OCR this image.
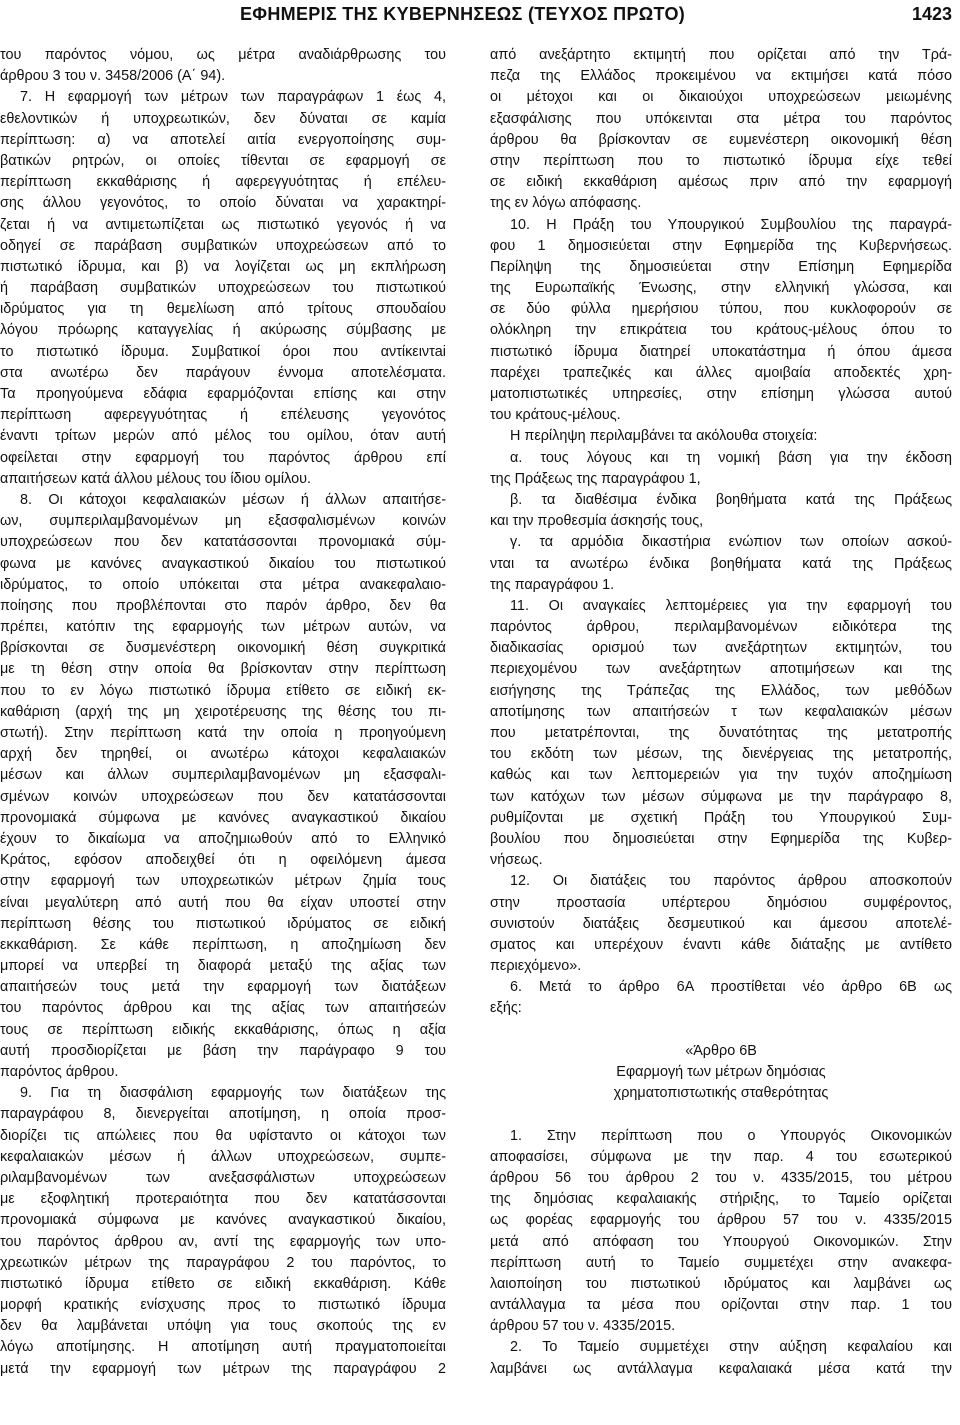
ΕΦΗΜΕΡΙΣ ΤΗΣ ΚΥΒΕΡΝΗΣΕΩΣ (ΤΕΥΧΟΣ ΠΡΩΤΟ)	1423
του παρόντος νόμου, ως μέτρα αναδιάρθρωσης του
άρθρου 3 του ν. 3458/2006 (Α΄ 94).
7. Η εφαρμογή των μέτρων των παραγράφων 1 έως 4,
εθελοντικών ή υποχρεωτικών, δεν δύναται σε καμία
περίπτωση: α) να αποτελεί αιτία ενεργοποίησης συμ-
βατικών ρητρών, οι οποίες τίθενται σε εφαρμογή σε
περίπτωση εκκαθάρισης ή αφερεγγυότητας ή επέλευ-
σης άλλου γεγονότος, το οποίο δύναται να χαρακτηρί-
ζεται ή να αντιμετωπίζεται ως πιστωτικό γεγονός ή να
οδηγεί σε παράβαση συμβατικών υποχρεώσεων από το
πιστωτικό ίδρυμα, και β) να λογίζεται ως μη εκπλήρωση
ή παράβαση συμβατικών υποχρεώσεων του πιστωτικού
ιδρύματος για τη θεμελίωση από τρίτους σπουδαίου
λόγου πρόωρης καταγγελίας ή ακύρωσης σύμβασης με
το πιστωτικό ίδρυμα. Συμβατικοί όροι που αντίκειντai
στα ανωτέρω δεν παράγουν έννομα αποτελέσματα.
Τα προηγούμενα εδάφια εφαρμόζονται επίσης και στην
περίπτωση αφερεγγυότητας ή επέλευσης γεγονότος
έναντι τρίτων μερών από μέλος του ομίλου, όταν αυτή
οφείλεται στην εφαρμογή του παρόντος άρθρου επί
απαιτήσεων κατά άλλου μέλους του ίδιου ομίλου.
8. Οι κάτοχοι κεφαλαιακών μέσων ή άλλων απαιτήσε-
ων, συμπεριλαμβανομένων μη εξασφαλισμένων κοινών
υποχρεώσεων που δεν κατατάσσονται προνομιακά σύμ-
φωνα με κανόνες αναγκαστικού δικαίου του πιστωτικού
ιδρύματος, το οποίο υπόκειται στα μέτρα ανακεφαλαιο-
ποίησης που προβλέπονται στο παρόν άρθρο, δεν θα
πρέπει, κατόπιν της εφαρμογής των μέτρων αυτών, να
βρίσκονται σε δυσμενέστερη οικονομική θέση συγκριτικά
με τη θέση στην οποία θα βρίσκονταν στην περίπτωση
που το εν λόγω πιστωτικό ίδρυμα ετίθετο σε ειδική εκ-
καθάριση (αρχή της μη χειροτέρευσης της θέσης του πι-
στωτή). Στην περίπτωση κατά την οποία η προηγούμενη
αρχή δεν τηρηθεί, οι ανωτέρω κάτοχοι κεφαλαιακών
μέσων και άλλων συμπεριλαμβανομένων μη εξασφαλι-
σμένων κοινών υποχρεώσεων που δεν κατατάσσονται
προνομιακά σύμφωνα με κανόνες αναγκαστικού δικαίου
έχουν το δικαίωμα να αποζημιωθούν από το Ελληνικό
Κράτος, εφόσον αποδειχθεί ότι η οφειλόμενη άμεσα
στην εφαρμογή των υποχρεωτικών μέτρων ζημία τους
είναι μεγαλύτερη από αυτή που θα είχαν υποστεί στην
περίπτωση θέσης του πιστωτικού ιδρύματος σε ειδική
εκκαθάριση. Σε κάθε περίπτωση, η αποζημίωση δεν
μπορεί να υπερβεί τη διαφορά μεταξύ της αξίας των
απαιτήσεών τους μετά την εφαρμογή των διατάξεων
του παρόντος άρθρου και της αξίας των απαιτήσεών
τους σε περίπτωση ειδικής εκκαθάρισης, όπως η αξία
αυτή προσδιορίζεται με βάση την παράγραφο 9 του
παρόντος άρθρου.
9. Για τη διασφάλιση εφαρμογής των διατάξεων της
παραγράφου 8, διενεργείται αποτίμηση, η οποία προσ-
διορίζει τις απώλειες που θα υφίσταντο οι κάτοχοι των
κεφαλαιακών μέσων ή άλλων υποχρεώσεων, συμπε-
ριλαμβανομένων των ανεξασφάλιστων υποχρεώσεων
με εξοφλητική προτεραιότητα που δεν κατατάσσονται
προνομιακά σύμφωνα με κανόνες αναγκαστικού δικαίου,
του παρόντος άρθρου αν, αντί της εφαρμογής των υπο-
χρεωτικών μέτρων της παραγράφου 2 του παρόντος, το
πιστωτικό ίδρυμα ετίθετο σε ειδική εκκαθάριση. Κάθε
μορφή κρατικής ενίσχυσης προς το πιστωτικό ίδρυμα
δεν θα λαμβάνεται υπόψη για τους σκοπούς της εν
λόγω αποτίμησης. Η αποτίμηση αυτή πραγματοποιείται
μετά την εφαρμογή των μέτρων της παραγράφου 2
από ανεξάρτητο εκτιμητή που ορίζεται από την Τρά-
πεζα της Ελλάδος προκειμένου να εκτιμήσει κατά πόσο
οι μέτοχοι και οι δικαιούχοι υποχρεώσεων μειωμένης
εξασφάλισης που υπόκεινται στα μέτρα του παρόντος
άρθρου θα βρίσκονταν σε ευμενέστερη οικονομική θέση
στην περίπτωση που το πιστωτικό ίδρυμα είχε τεθεί
σε ειδική εκκαθάριση αμέσως πριν από την εφαρμογή
της εν λόγω απόφασης.
10. Η Πράξη του Υπουργικού Συμβουλίου της παραγρά-
φου 1 δημοσιεύεται στην Εφημερίδα της Κυβερνήσεως.
Περίληψη της δημοσιεύεται στην Επίσημη Εφημερίδα
της Ευρωπαϊκής Ένωσης, στην ελληνική γλώσσα, και
σε δύο φύλλα ημερήσιου τύπου, που κυκλοφορούν σε
ολόκληρη την επικράτεια του κράτους-μέλους όπου το
πιστωτικό ίδρυμα διατηρεί υποκατάστημα ή όπου άμεσα
παρέχει τραπεζικές και άλλες αμοιβαία αποδεκτές χρη-
ματοπιστωτικές υπηρεσίες, στην επίσημη γλώσσα αυτού
του κράτους-μέλους.
Η περίληψη περιλαμβάνει τα ακόλουθα στοιχεία:
α. τους λόγους και τη νομική βάση για την έκδοση
της Πράξεως της παραγράφου 1,
β. τα διαθέσιμα ένδικα βοηθήματα κατά της Πράξεως
και την προθεσμία άσκησής τους,
γ. τα αρμόδια δικαστήρια ενώπιον των οποίων ασκού-
νται τα ανωτέρω ένδικα βοηθήματα κατά της Πράξεως
της παραγράφου 1.
11. Οι αναγκαίες λεπτομέρειες για την εφαρμογή του
παρόντος άρθρου, περιλαμβανομένων ειδικότερα της
διαδικασίας ορισμού των ανεξάρτητων εκτιμητών, του
περιεχομένου των ανεξάρτητων αποτιμήσεων και της
εισήγησης της Τράπεζας της Ελλάδος, των μεθόδων
αποτίμησης των απαιτήσεών τ των κεφαλαιακών μέσων
που μετατρέπονται, της δυνατότητας της μετατροπής
του εκδότη των μέσων, της διενέργειας της μετατροπής,
καθώς και των λεπτομερειών για την τυχόν αποζημίωση
των κατόχων των μέσων σύμφωνα με την παράγραφο 8,
ρυθμίζονται με σχετική Πράξη του Υπουργικού Συμ-
βουλίου που δημοσιεύεται στην Εφημερίδα της Κυβερ-
νήσεως.
12. Οι διατάξεις του παρόντος άρθρου αποσκοπούν
στην προστασία υπέρτερου δημόσιου συμφέροντος,
συνιστούν διατάξεις δεσμευτικού και άμεσου αποτελέ-
σματος και υπερέχουν έναντι κάθε διάταξης με αντίθετο
περιεχόμενο».
6. Μετά το άρθρο 6Α προστίθεται νέο άρθρο 6Β ως
εξής:
«Άρθρο 6Β
Εφαρμογή των μέτρων δημόσιας
χρηματοπιστωτικής σταθερότητας
1. Στην περίπτωση που ο Υπουργός Οικονομικών
αποφασίσει, σύμφωνα με την παρ. 4 του εσωτερικού
άρθρου 56 του άρθρου 2 του ν. 4335/2015, του μέτρου
της δημόσιας κεφαλαιακής στήριξης, το Ταμείο ορίζεται
ως φορέας εφαρμογής του άρθρου 57 του ν. 4335/2015
μετά από απόφαση του Υπουργού Οικονομικών. Στην
περίπτωση αυτή το Ταμείο συμμετέχει στην ανακεφα-
λαιοποίηση του πιστωτικού ιδρύματος και λαμβάνει ως
αντάλλαγμα τα μέσα που ορίζονται στην παρ. 1 του
άρθρου 57 του ν. 4335/2015.
2. Το Ταμείο συμμετέχει στην αύξηση κεφαλαίου και
λαμβάνει ως αντάλλαγμα κεφαλαιακά μέσα κατά την
